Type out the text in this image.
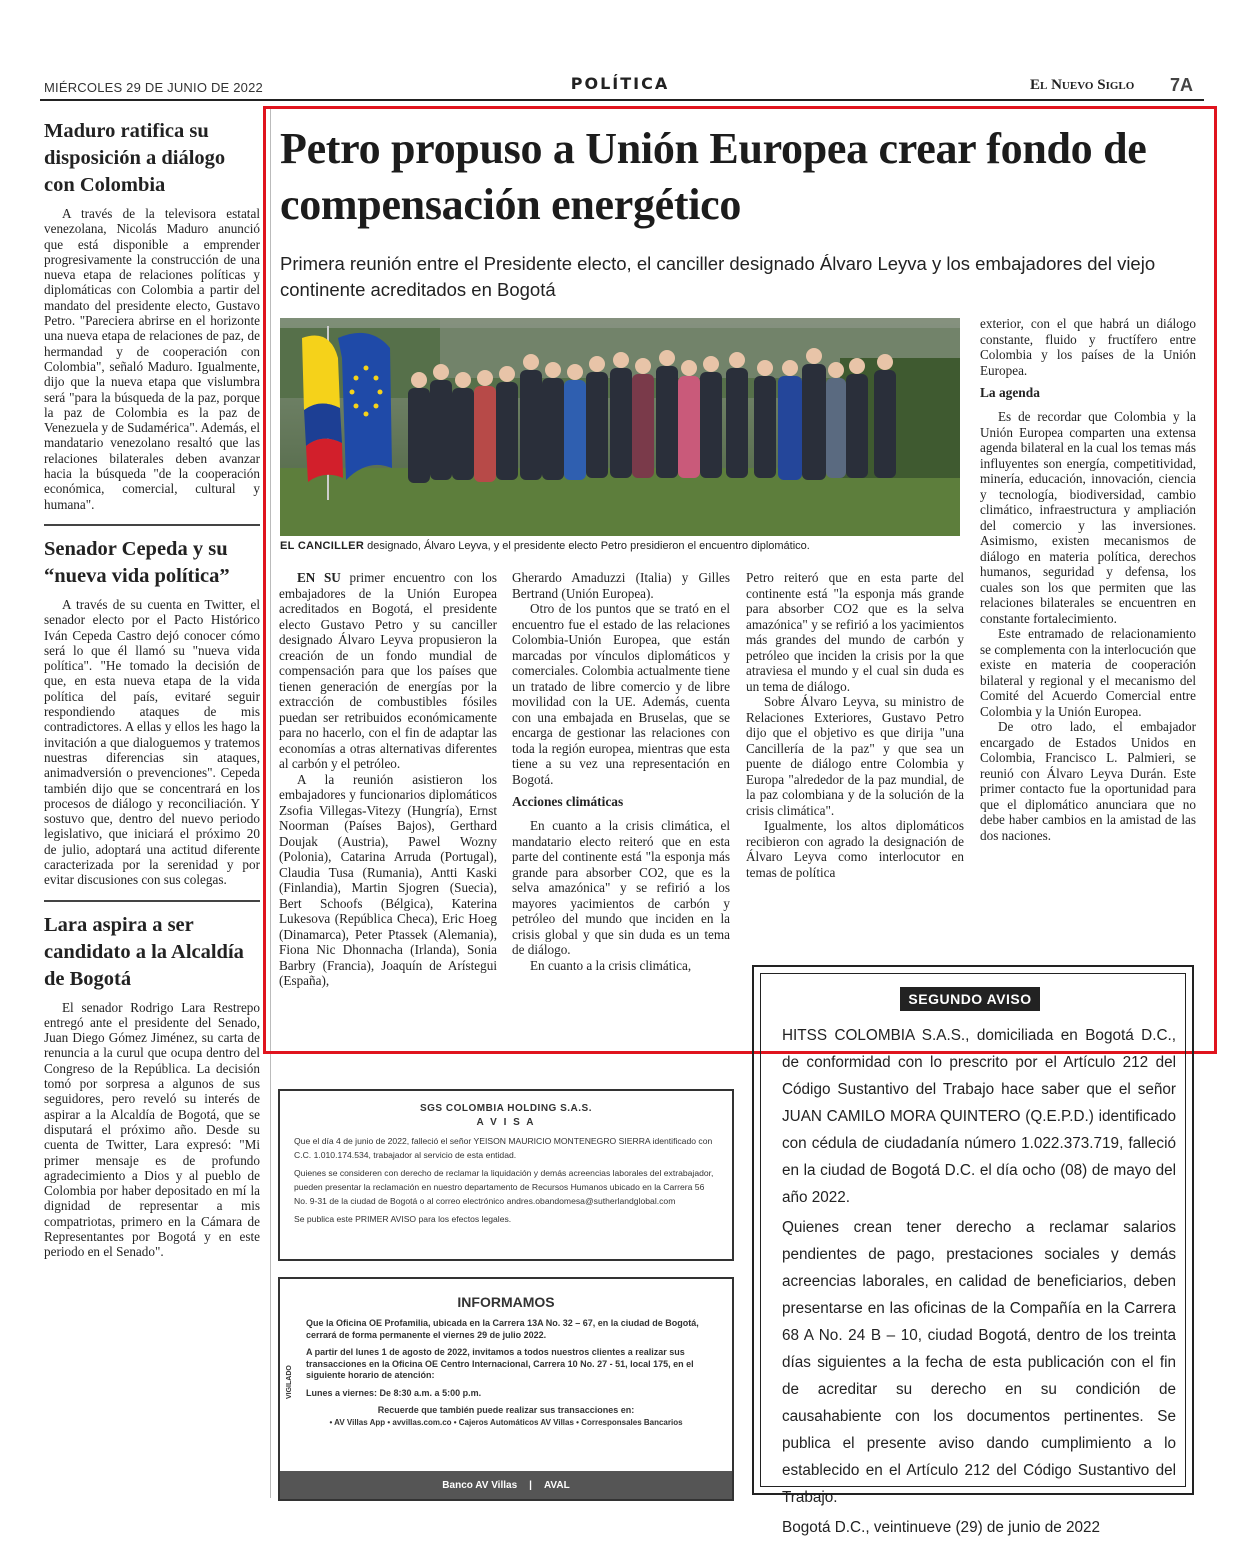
MIÉRCOLES 29 DE JUNIO DE 2022	POLÍTICA	El Nuevo Siglo 7A
Maduro ratifica su disposición a diálogo con Colombia

A través de la televisora estatal venezolana, Nicolás Maduro anunció que está disponible a emprender progresivamente la construcción de una nueva etapa de relaciones políticas y diplomáticas con Colombia a partir del mandato del presidente electo, Gustavo Petro. "Pareciera abrirse en el horizonte una nueva etapa de relaciones de paz, de hermandad y de cooperación con Colombia", señaló Maduro. Igualmente, dijo que la nueva etapa que vislumbra será "para la búsqueda de la paz, porque la paz de Colombia es la paz de Venezuela y de Sudamérica". Además, el mandatario venezolano resaltó que las relaciones bilaterales deben avanzar hacia la búsqueda "de la cooperación económica, comercial, cultural y humana".

Senador Cepeda y su “nueva vida política”

A través de su cuenta en Twitter, el senador electo por el Pacto Histórico Iván Cepeda Castro dejó conocer cómo será lo que él llamó su "nueva vida política". "He tomado la decisión de que, en esta nueva etapa de la vida política del país, evitaré seguir respondiendo ataques de mis contradictores. A ellas y ellos les hago la invitación a que dialoguemos y tratemos nuestras diferencias sin ataques, animadversión o prevenciones". Cepeda también dijo que se concentrará en los procesos de diálogo y reconciliación. Y sostuvo que, dentro del nuevo periodo legislativo, que iniciará el próximo 20 de julio, adoptará una actitud diferente caracterizada por la serenidad y por evitar discusiones con sus colegas.

Lara aspira a ser candidato a la Alcaldía de Bogotá

El senador Rodrigo Lara Restrepo entregó ante el presidente del Senado, Juan Diego Gómez Jiménez, su carta de renuncia a la curul que ocupa dentro del Congreso de la República. La decisión tomó por sorpresa a algunos de sus seguidores, pero reveló su interés de aspirar a la Alcaldía de Bogotá, que se disputará el próximo año. Desde su cuenta de Twitter, Lara expresó: "Mi primer mensaje es de profundo agradecimiento a Dios y al pueblo de Colombia por haber depositado en mí la dignidad de representar a mis compatriotas, primero en la Cámara de Representantes por Bogotá y en este periodo en el Senado".

Petro propuso a Unión Europea crear fondo de compensación energético
Primera reunión entre el Presidente electo, el canciller designado Álvaro Leyva y los embajadores del viejo continente acreditados en Bogotá
EL CANCILLER designado, Álvaro Leyva, y el presidente electo Petro presidieron el encuentro diplomático.

EN SU primer encuentro con los embajadores de la Unión Europea acreditados en Bogotá, el presidente electo Gustavo Petro y su canciller designado Álvaro Leyva propusieron la creación de un fondo mundial de compensación para que los países que tienen generación de energías por la extracción de combustibles fósiles puedan ser retribuidos económicamente para no hacerlo, con el fin de adaptar las economías a otras alternativas diferentes al carbón y el petróleo.

A la reunión asistieron los embajadores y funcionarios diplomáticos Zsofia Villegas-Vitezy (Hungría), Ernst Noorman (Países Bajos), Gerthard Doujak (Austria), Pawel Wozny (Polonia), Catarina Arruda (Portugal), Claudia Tusa (Rumania), Antti Kaski (Finlandia), Martin Sjogren (Suecia), Bert Schoofs (Bélgica), Katerina Lukesova (República Checa), Eric Hoeg (Dinamarca), Peter Ptassek (Alemania), Fiona Nic Dhonnacha (Irlanda), Sonia Barbry (Francia), Joaquín de Arístegui (España),

Gherardo Amaduzzi (Italia) y Gilles Bertrand (Unión Europea).

Otro de los puntos que se trató en el encuentro fue el estado de las relaciones Colombia-Unión Europea, que están marcadas por vínculos diplomáticos y comerciales. Colombia actualmente tiene un tratado de libre comercio y de libre movilidad con la UE. Además, cuenta con una embajada en Bruselas, que se encarga de gestionar las relaciones con toda la región europea, mientras que esta tiene a su vez una representación en Bogotá.

Acciones climáticas

En cuanto a la crisis climática, el mandatario electo reiteró que en esta parte del continente está "la esponja más grande para absorber CO2, que es la selva amazónica" y se refirió a los mayores yacimientos de carbón y petróleo del mundo que inciden en la crisis global y que sin duda es un tema de diálogo.

En cuanto a la crisis climática,

Petro reiteró que en esta parte del continente está "la esponja más grande para absorber CO2 que es la selva amazónica" y se refirió a los yacimientos más grandes del mundo de carbón y petróleo que inciden la crisis por la que atraviesa el mundo y el cual sin duda es un tema de diálogo.

Sobre Álvaro Leyva, su ministro de Relaciones Exteriores, Gustavo Petro dijo que el objetivo es que dirija "una Cancillería de la paz" y que sea un puente de diálogo entre Colombia y Europa "alrededor de la paz mundial, de la paz colombiana y de la solución de la crisis climática".

Igualmente, los altos diplomáticos recibieron con agrado la designación de Álvaro Leyva como interlocutor en temas de política

exterior, con el que habrá un diálogo constante, fluido y fructífero entre Colombia y los países de la Unión Europea.

La agenda

Es de recordar que Colombia y la Unión Europea comparten una extensa agenda bilateral en la cual los temas más influyentes son energía, competitividad, minería, educación, innovación, ciencia y tecnología, biodiversidad, cambio climático, infraestructura y ampliación del comercio y las inversiones. Asimismo, existen mecanismos de diálogo en materia política, derechos humanos, seguridad y defensa, los cuales son los que permiten que las relaciones bilaterales se encuentren en constante fortalecimiento.

Este entramado de relacionamiento se complementa con la interlocución que existe en materia de cooperación bilateral y regional y el mecanismo del Comité del Acuerdo Comercial entre Colombia y la Unión Europea.

De otro lado, el embajador encargado de Estados Unidos en Colombia, Francisco L. Palmieri, se reunió con Álvaro Leyva Durán. Este primer contacto fue la oportunidad para que el diplomático anunciara que no debe haber cambios en la amistad de las dos naciones.

SGS COLOMBIA HOLDING S.A.S.
A V I S A

Que el día 4 de junio de 2022, falleció el señor YEISON MAURICIO MONTENEGRO SIERRA identificado con C.C. 1.010.174.534, trabajador al servicio de esta entidad.

Quienes se consideren con derecho de reclamar la liquidación y demás acreencias laborales del extrabajador, pueden presentar la reclamación en nuestro departamento de Recursos Humanos ubicado en la Carrera 56 No. 9-31 de la ciudad de Bogotá o al correo electrónico andres.obandomesa@sutherlandglobal.com

Se publica este PRIMER AVISO para los efectos legales.

INFORMAMOS

Que la Oficina OE Profamilia, ubicada en la Carrera 13A No. 32 – 67, en la ciudad de Bogotá, cerrará de forma permanente el viernes 29 de julio 2022.

A partir del lunes 1 de agosto de 2022, invitamos a todos nuestros clientes a realizar sus transacciones en la Oficina OE Centro Internacional, Carrera 10 No. 27 - 51, local 175, en el siguiente horario de atención:

Lunes a viernes: De 8:30 a.m. a 5:00 p.m.

Recuerde que también puede realizar sus transacciones en:
• AV Villas App • avvillas.com.co • Cajeros Automáticos AV Villas • Corresponsales Bancarios
VIGILADO
Banco AV Villas | AVAL
SEGUNDO AVISO

HITSS COLOMBIA S.A.S., domiciliada en Bogotá D.C., de conformidad con lo prescrito por el Artículo 212 del Código Sustantivo del Trabajo hace saber que el señor JUAN CAMILO MORA QUINTERO (Q.E.P.D.) identificado con cédula de ciudadanía número 1.022.373.719, falleció en la ciudad de Bogotá D.C. el día ocho (08) de mayo del año 2022.

Quienes crean tener derecho a reclamar salarios pendientes de pago, prestaciones sociales y demás acreencias laborales, en calidad de beneficiarios, deben presentarse en las oficinas de la Compañía en la Carrera 68 A No. 24 B – 10, ciudad Bogotá, dentro de los treinta días siguientes a la fecha de esta publicación con el fin de acreditar su derecho en su condición de causahabiente con los documentos pertinentes. Se publica el presente aviso dando cumplimiento a lo establecido en el Artículo 212 del Código Sustantivo del Trabajo.

Bogotá D.C., veintinueve (29) de junio de 2022
